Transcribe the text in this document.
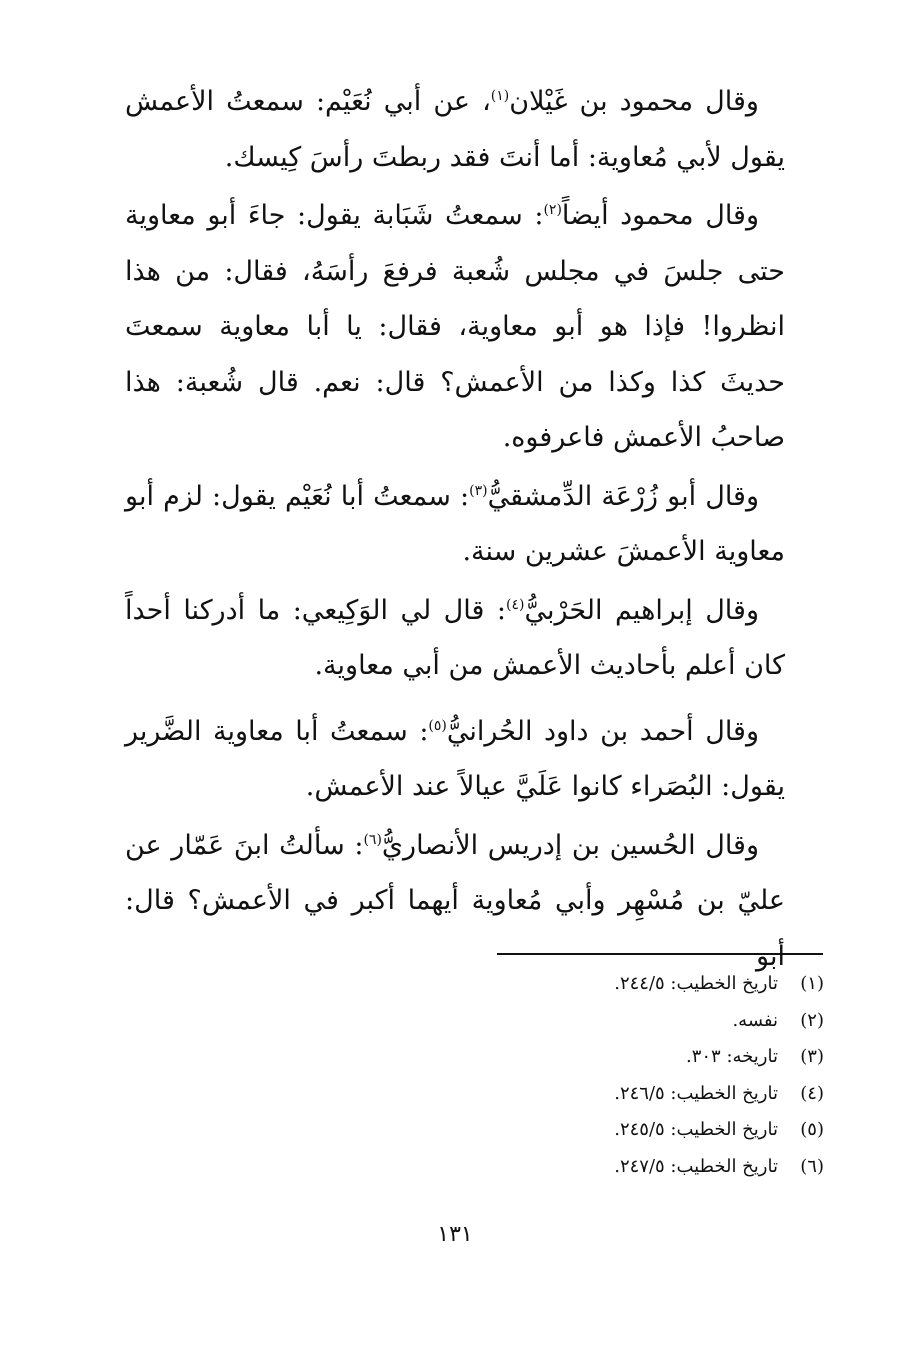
وقال محمود بن غَيْلان$^{(١)}$، عن أبي نُعَيْم: سمعتُ الأعمش يقول لأبي مُعاوية: أما أنتَ فقد ربطتَ رأسَ كِيسك.

وقال محمود أيضاً$^{(٢)}$: سمعتُ شَبَابة يقول: جاءَ أبو معاوية حتى جلسَ في مجلس شُعبة فرفعَ رأسَهُ، فقال: من هذا انظروا! فإذا هو أبو معاوية، فقال: يا أبا معاوية سمعتَ حديثَ كذا وكذا من الأعمش؟ قال: نعم. قال شُعبة: هذا صاحبُ الأعمش فاعرفوه.

وقال أبو زُرْعَة الدِّمشقيُّ$^{(٣)}$: سمعتُ أبا نُعَيْم يقول: لزم أبو معاوية الأعمشَ عشرين سنة.

وقال إبراهيم الحَرْبيُّ$^{(٤)}$: قال لي الوَكِيعي: ما أدركنا أحداً كان أعلم بأحاديث الأعمش من أبي معاوية.

وقال أحمد بن داود الحُرانيُّ$^{(٥)}$: سمعتُ أبا معاوية الضَّرير يقول: البُصَراء كانوا عَلَيَّ عيالاً عند الأعمش.

وقال الحُسين بن إدريس الأنصاريُّ$^{(٦)}$: سألتُ ابنَ عَمّار عن عليّ بن مُسْهِر وأبي مُعاوية أيهما أكبر في الأعمش؟ قال: أبو

(١)
تاريخ الخطيب: ٢٤٤/٥.
(٢)
نفسه.
(٣)
تاريخه: ٣٠٣.
(٤)
تاريخ الخطيب: ٢٤٦/٥.
(٥)
تاريخ الخطيب: ٢٤٥/٥.
(٦)
تاريخ الخطيب: ٢٤٧/٥.
١٣١
